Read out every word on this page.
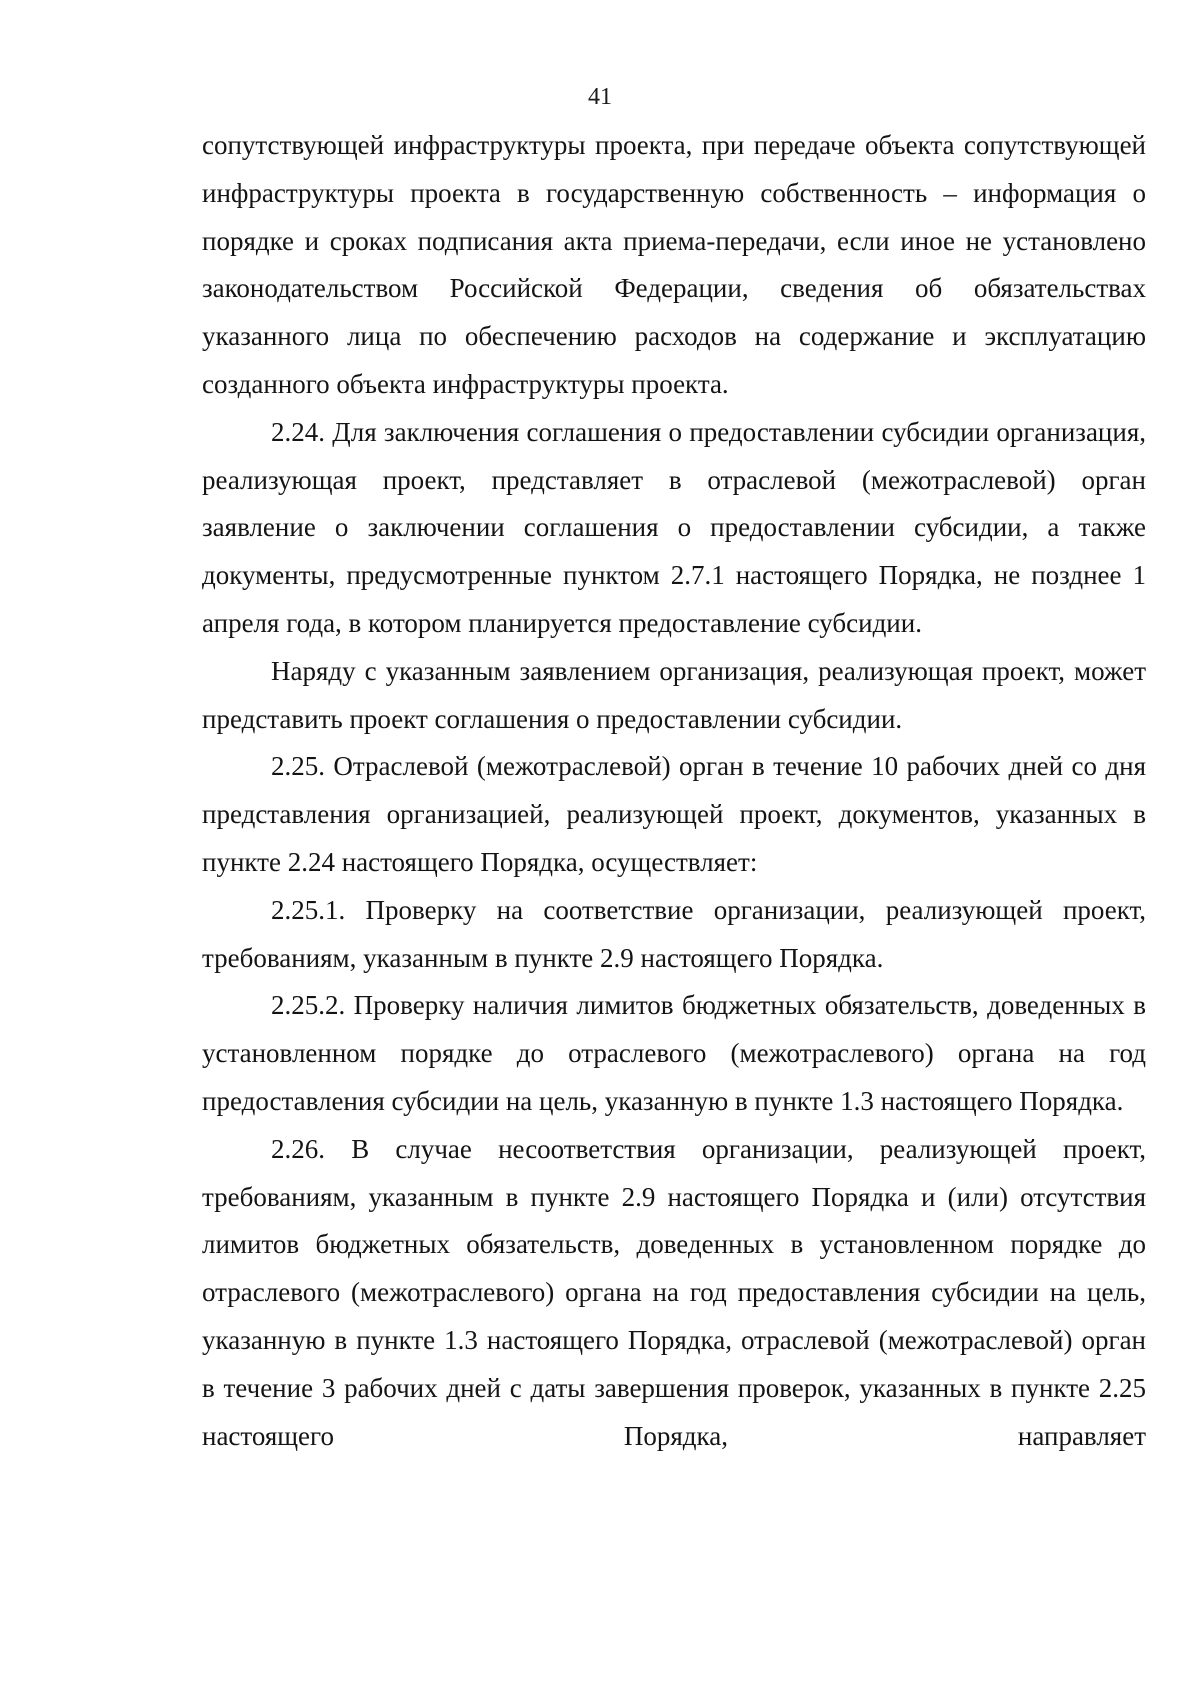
41

сопутствующей инфраструктуры проекта, при передаче объекта сопутствующей инфраструктуры проекта в государственную собственность – информация о порядке и сроках подписания акта приема-передачи, если иное не установлено законодательством Российской Федерации, сведения об обязательствах указанного лица по обеспечению расходов на содержание и эксплуатацию созданного объекта инфраструктуры проекта.

2.24. Для заключения соглашения о предоставлении субсидии организация, реализующая проект, представляет в отраслевой (межотраслевой) орган заявление о заключении соглашения о предоставлении субсидии, а также документы, предусмотренные пунктом 2.7.1 настоящего Порядка, не позднее 1 апреля года, в котором планируется предоставление субсидии.

Наряду с указанным заявлением организация, реализующая проект, может представить проект соглашения о предоставлении субсидии.

2.25. Отраслевой (межотраслевой) орган в течение 10 рабочих дней со дня представления организацией, реализующей проект, документов, указанных в пункте 2.24 настоящего Порядка, осуществляет:

2.25.1. Проверку на соответствие организации, реализующей проект, требованиям, указанным в пункте 2.9 настоящего Порядка.

2.25.2. Проверку наличия лимитов бюджетных обязательств, доведенных в установленном порядке до отраслевого (межотраслевого) органа на год предоставления субсидии на цель, указанную в пункте 1.3 настоящего Порядка.

2.26. В случае несоответствия организации, реализующей проект, требованиям, указанным в пункте 2.9 настоящего Порядка и (или) отсутствия лимитов бюджетных обязательств, доведенных в установленном порядке до отраслевого (межотраслевого) органа на год предоставления субсидии на цель, указанную в пункте 1.3 настоящего Порядка, отраслевой (межотраслевой) орган в течение 3 рабочих дней с даты завершения проверок, указанных в пункте 2.25 настоящего Порядка, направляет
